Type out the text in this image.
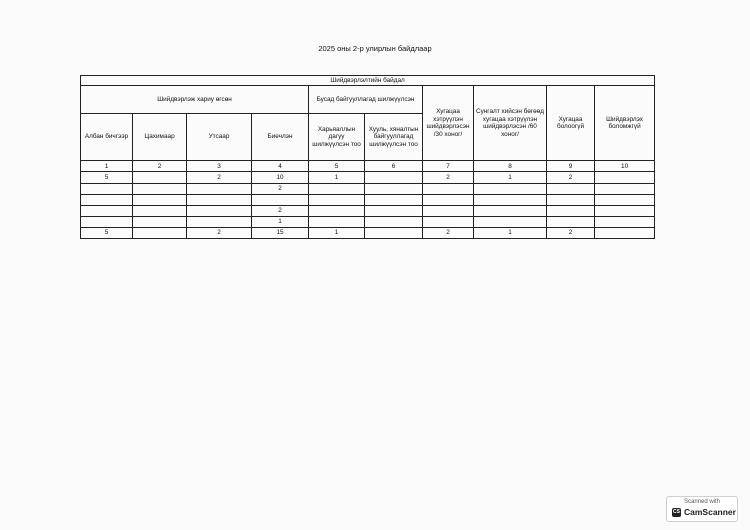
2025 оны 2-р улирлын байдлаар
Шийдвэрлэлтийн байдал									
Шийдвэрлэж хариу өгсөн				Бусад байгууллагад шилжүүлсэн		Хугацаа хэтрүүлэн шийдвэрлэсэн /30 хоног/	Сунгалт хийсэн бөгөөд хугацаа хэтрүүлэн шийдвэрлэсэн /60 хоног/	Хугацаа болоогүй	Шийдвэрлэх боломжгүй
Албан бичгээр	Цахимаар	Утсаар	Биечлэн	Харьяаллын дагуу шилжүүлсэн тоо	Хууль, хяналтын байгууллагад шилжүүлсэн тоо				
1	2	3	4	5	6	7	8	9	10
5		2	10	1		2	1	2	
			2						

			2						
			1						
5		2	15	1		2	1	2	
Scanned with
CS CamScanner
